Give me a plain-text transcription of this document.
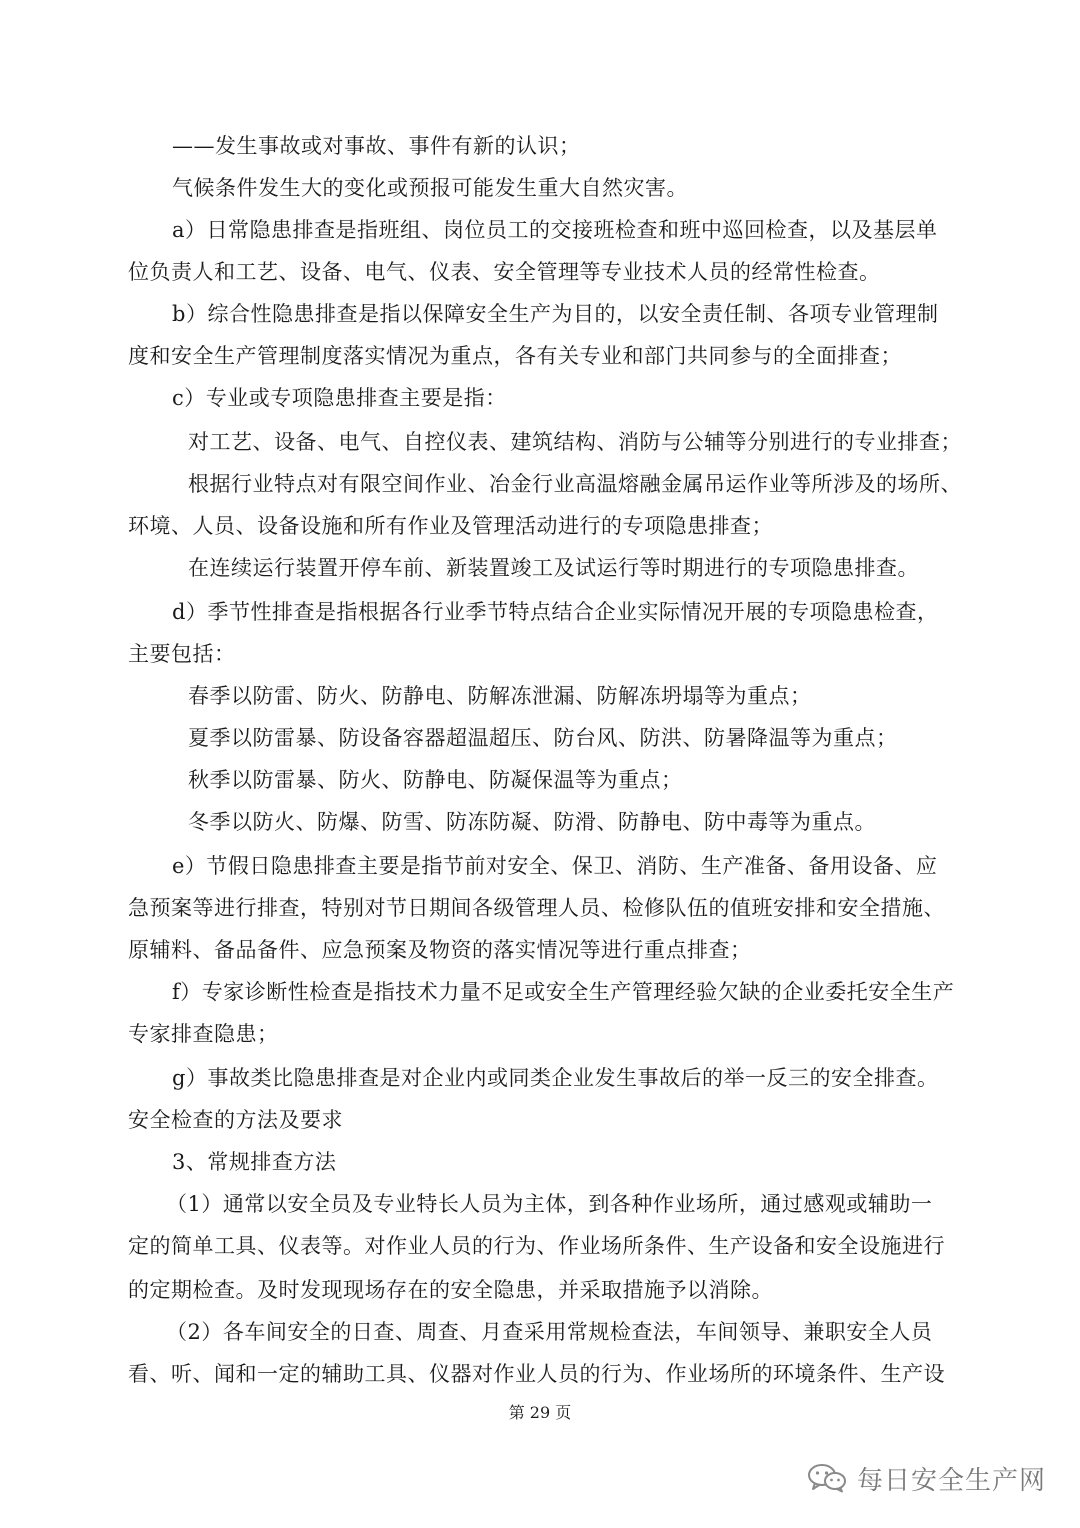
——发生事故或对事故、事件有新的认识；
气候条件发生大的变化或预报可能发生重大自然灾害。
a）日常隐患排查是指班组、岗位员工的交接班检查和班中巡回检查，以及基层单
位负责人和工艺、设备、电气、仪表、安全管理等专业技术人员的经常性检查。
b）综合性隐患排查是指以保障安全生产为目的，以安全责任制、各项专业管理制
度和安全生产管理制度落实情况为重点，各有关专业和部门共同参与的全面排查；
c）专业或专项隐患排查主要是指：
对工艺、设备、电气、自控仪表、建筑结构、消防与公辅等分别进行的专业排查；
根据行业特点对有限空间作业、冶金行业高温熔融金属吊运作业等所涉及的场所、
环境、人员、设备设施和所有作业及管理活动进行的专项隐患排查；
在连续运行装置开停车前、新装置竣工及试运行等时期进行的专项隐患排查。
d）季节性排查是指根据各行业季节特点结合企业实际情况开展的专项隐患检查，
主要包括：
春季以防雷、防火、防静电、防解冻泄漏、防解冻坍塌等为重点；
夏季以防雷暴、防设备容器超温超压、防台风、防洪、防暑降温等为重点；
秋季以防雷暴、防火、防静电、防凝保温等为重点；
冬季以防火、防爆、防雪、防冻防凝、防滑、防静电、防中毒等为重点。
e）节假日隐患排查主要是指节前对安全、保卫、消防、生产准备、备用设备、应
急预案等进行排查，特别对节日期间各级管理人员、检修队伍的值班安排和安全措施、
原辅料、备品备件、应急预案及物资的落实情况等进行重点排查；
f）专家诊断性检查是指技术力量不足或安全生产管理经验欠缺的企业委托安全生产
专家排查隐患；
g）事故类比隐患排查是对企业内或同类企业发生事故后的举一反三的安全排查。
安全检查的方法及要求
3、常规排查方法
（1）通常以安全员及专业特长人员为主体，到各种作业场所，通过感观或辅助一
定的简单工具、仪表等。对作业人员的行为、作业场所条件、生产设备和安全设施进行
的定期检查。及时发现现场存在的安全隐患，并采取措施予以消除。
（2）各车间安全的日查、周查、月查采用常规检查法，车间领导、兼职安全人员
看、听、闻和一定的辅助工具、仪器对作业人员的行为、作业场所的环境条件、生产设
第 29 页
每日安全生产网
